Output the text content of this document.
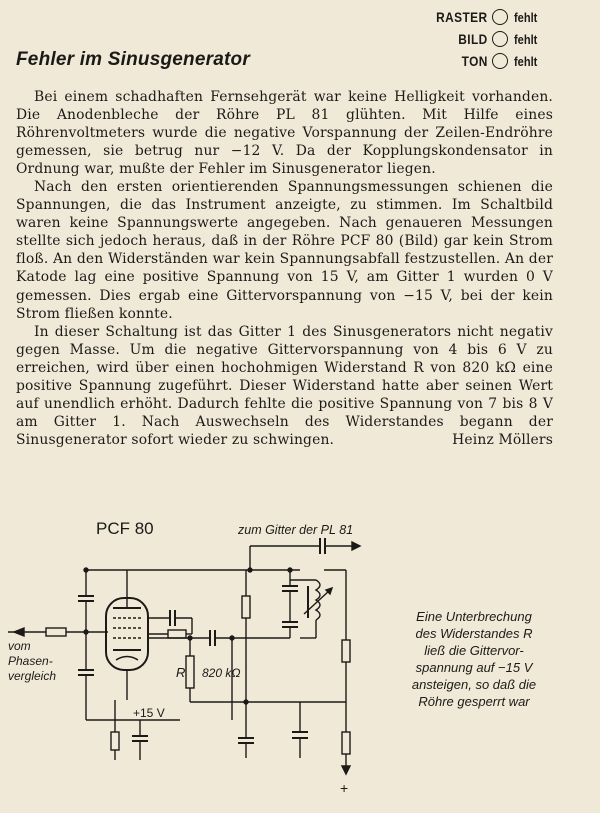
RASTER fehlt
BILD fehlt
TON fehlt
Fehler im Sinusgenerator

Bei einem schadhaften Fernsehgerät war keine Helligkeit vorhanden. Die Anodenbleche der Röhre PL 81 glühten. Mit Hilfe eines Röhrenvoltmeters wurde die negative Vorspannung der Zeilen-Endröhre gemessen, sie betrug nur −12 V. Da der Kopplungskondensator in Ordnung war, mußte der Fehler im Sinusgenerator liegen.

Nach den ersten orientierenden Spannungsmessungen schienen die Spannungen, die das Instrument anzeigte, zu stimmen. Im Schaltbild waren keine Spannungswerte angegeben. Nach genaueren Messungen stellte sich jedoch heraus, daß in der Röhre PCF 80 (Bild) gar kein Strom floß. An den Widerständen war kein Spannungsabfall festzustellen. An der Katode lag eine positive Spannung von 15 V, am Gitter 1 wurden 0 V gemessen. Dies ergab eine Gittervorspannung von −15 V, bei der kein Strom fließen konnte.

In dieser Schaltung ist das Gitter 1 des Sinusgenerators nicht negativ gegen Masse. Um die negative Gittervorspannung von 4 bis 6 V zu erreichen, wird über einen hochohmigen Widerstand R von 820 kΩ eine positive Spannung zugeführt. Dieser Widerstand hatte aber seinen Wert auf unendlich erhöht. Dadurch fehlte die positive Spannung von 7 bis 8 V am Gitter 1. Nach Auswechseln des Widerstandes begann der Sinusgenerator sofort wieder zu schwingen.	Heinz Möllers
PCF 80	zum Gitter der PL 81
vom
Phasen-
vergleich	R 820 kΩ
+15 V
+
Eine Unterbrechung
des Widerstandes R
ließ die Gittervor-
spannung auf −15 V
ansteigen, so daß die
Röhre gesperrt war
